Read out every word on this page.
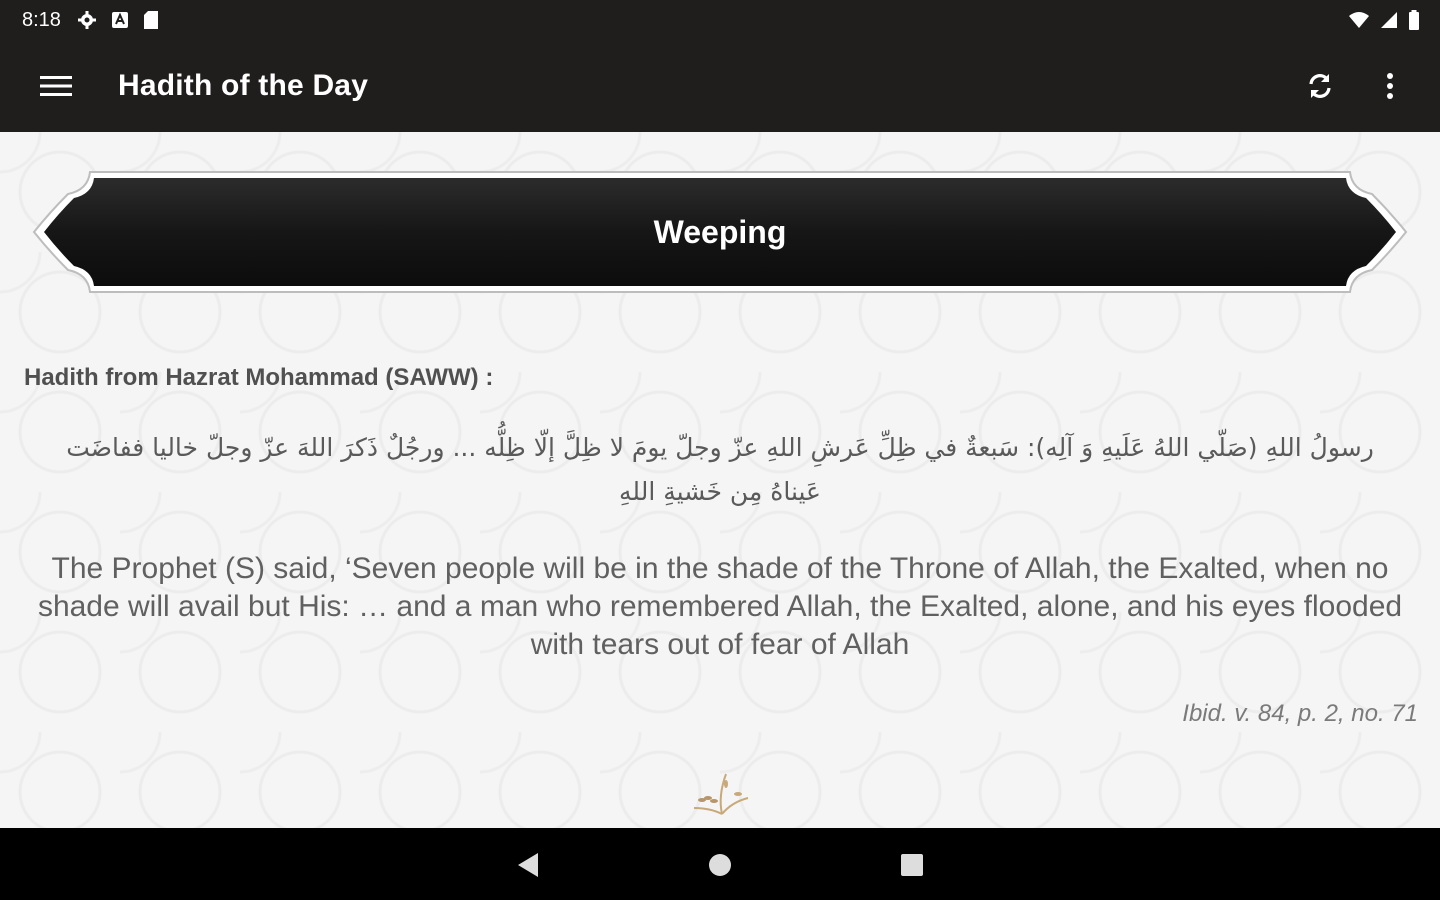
8:18
Hadith of the Day
Weeping
Hadith from Hazrat Mohammad (SAWW) :
رسولُ اللهِ (صَلّي اللهُ عَلَيهِ وَ آلِه): سَبعةٌ في ظِلِّ عَرشِ اللهِ عزّ وجلّ يومَ لا ظِلَّ إلّا ظِلُّه ... ورجُلٌ ذَكرَ اللهَ عزّ وجلّ خاليا ففاضَت عَيناهُ مِن خَشيةِ اللهِ
The Prophet (S) said, ‘Seven people will be in the shade of the Throne of Allah, the Exalted, when no shade will avail but His: … and a man who remembered Allah, the Exalted, alone, and his eyes flooded with tears out of fear of Allah
Ibid. v. 84, p. 2, no. 71
